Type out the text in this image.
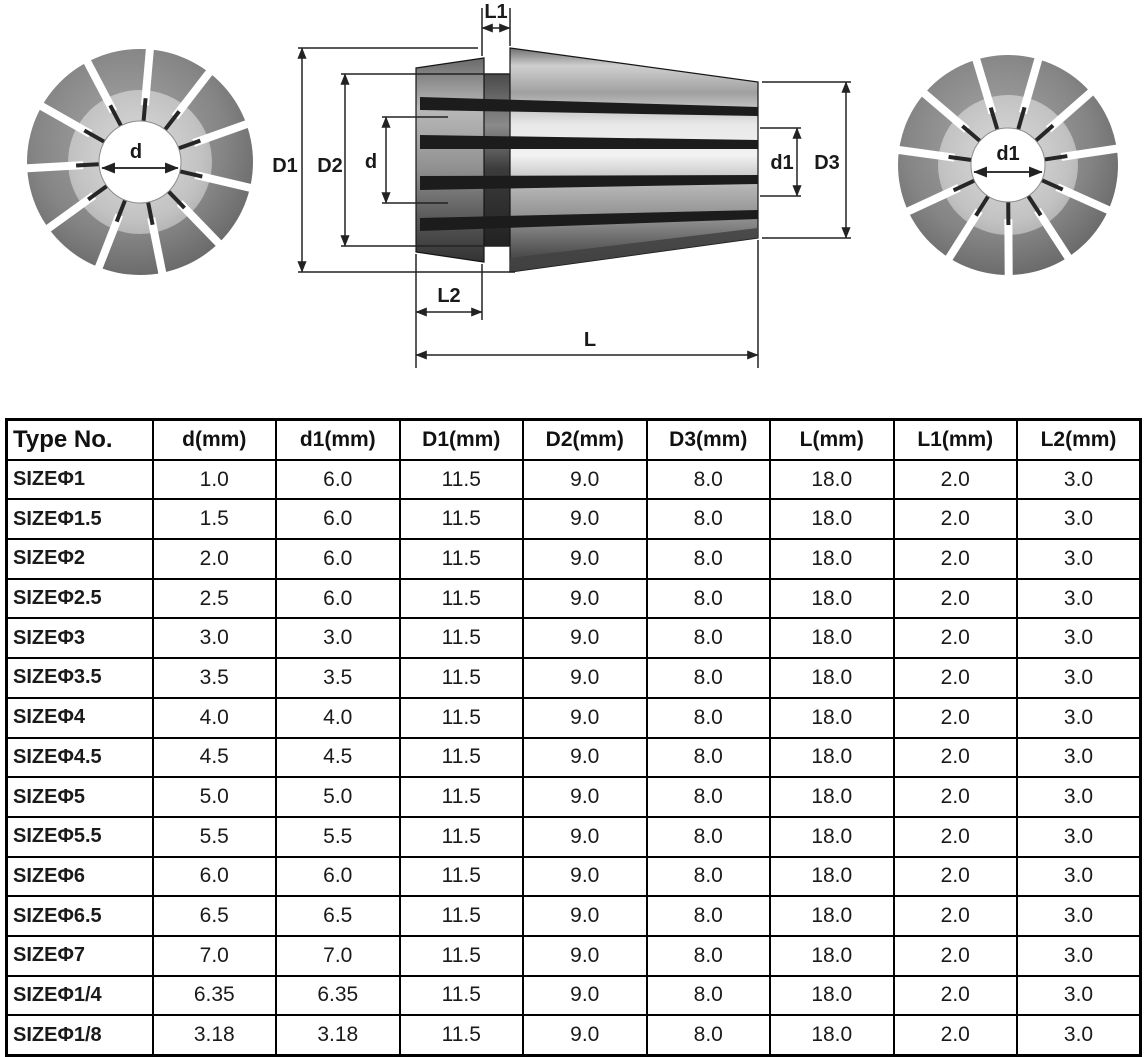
d	d1
D1 D2 d
L1
d1 D3
L2
L
Type No.	d(mm)	d1(mm)	D1(mm)	D2(mm)	D3(mm)	L(mm)	L1(mm)	L2(mm)
SIZEΦ1	1.0	6.0	11.5	9.0	8.0	18.0	2.0	3.0
SIZEΦ1.5	1.5	6.0	11.5	9.0	8.0	18.0	2.0	3.0
SIZEΦ2	2.0	6.0	11.5	9.0	8.0	18.0	2.0	3.0
SIZEΦ2.5	2.5	6.0	11.5	9.0	8.0	18.0	2.0	3.0
SIZEΦ3	3.0	3.0	11.5	9.0	8.0	18.0	2.0	3.0
SIZEΦ3.5	3.5	3.5	11.5	9.0	8.0	18.0	2.0	3.0
SIZEΦ4	4.0	4.0	11.5	9.0	8.0	18.0	2.0	3.0
SIZEΦ4.5	4.5	4.5	11.5	9.0	8.0	18.0	2.0	3.0
SIZEΦ5	5.0	5.0	11.5	9.0	8.0	18.0	2.0	3.0
SIZEΦ5.5	5.5	5.5	11.5	9.0	8.0	18.0	2.0	3.0
SIZEΦ6	6.0	6.0	11.5	9.0	8.0	18.0	2.0	3.0
SIZEΦ6.5	6.5	6.5	11.5	9.0	8.0	18.0	2.0	3.0
SIZEΦ7	7.0	7.0	11.5	9.0	8.0	18.0	2.0	3.0
SIZEΦ1/4	6.35	6.35	11.5	9.0	8.0	18.0	2.0	3.0
SIZEΦ1/8	3.18	3.18	11.5	9.0	8.0	18.0	2.0	3.0
